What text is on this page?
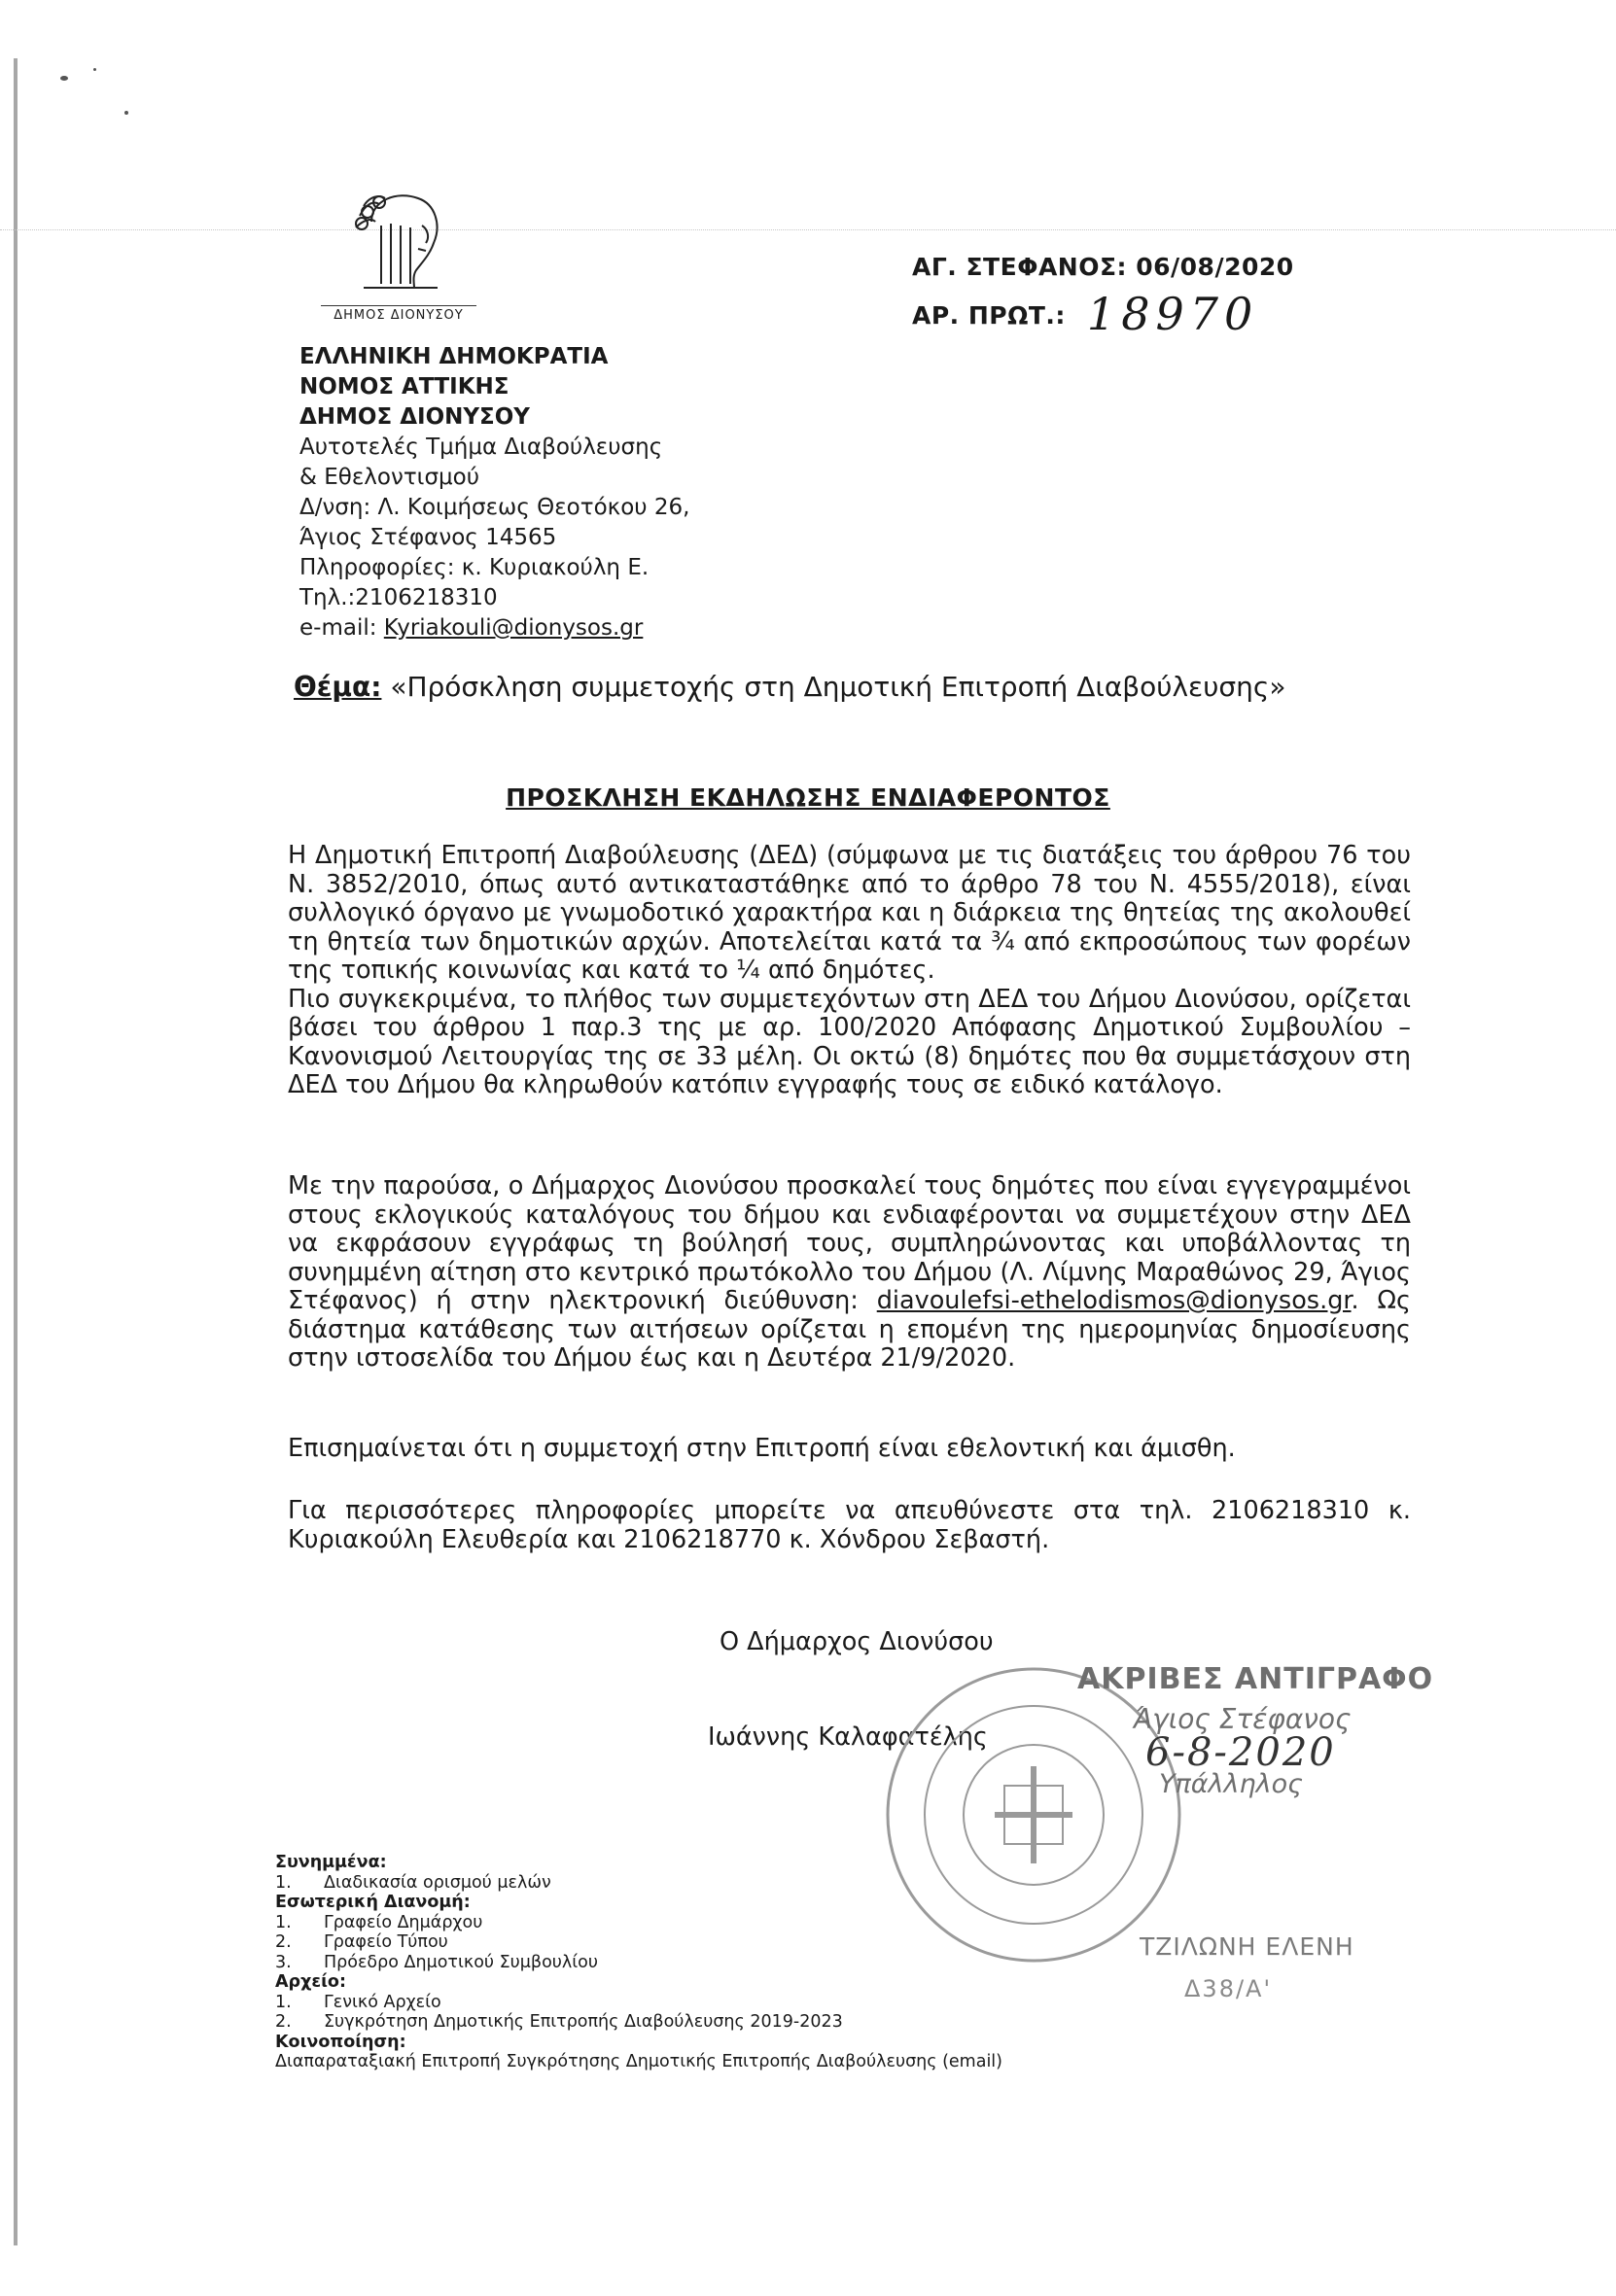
ΔΗΜΟΣ ΔΙΟΝΥΣΟΥ
ΑΓ. ΣΤΕΦΑΝΟΣ: 06/08/2020
ΑΡ. ΠΡΩΤ.: 18970
ΕΛΛΗΝΙΚΗ ΔΗΜΟΚΡΑΤΙΑ
ΝΟΜΟΣ ΑΤΤΙΚΗΣ
ΔΗΜΟΣ ΔΙΟΝΥΣΟΥ
Αυτοτελές Τμήμα Διαβούλευσης
& Εθελοντισμού
Δ/νση: Λ. Κοιμήσεως Θεοτόκου 26,
Άγιος Στέφανος 14565
Πληροφορίες: κ. Κυριακούλη Ε.
Τηλ.:2106218310
e-mail: Kyriakouli@dionysos.gr
Θέμα: «Πρόσκληση συμμετοχής στη Δημοτική Επιτροπή Διαβούλευσης»
ΠΡΟΣΚΛΗΣΗ ΕΚΔΗΛΩΣΗΣ ΕΝΔΙΑΦΕΡΟΝΤΟΣ
Η Δημοτική Επιτροπή Διαβούλευσης (ΔΕΔ) (σύμφωνα με τις διατάξεις του άρθρου 76 του Ν. 3852/2010, όπως αυτό αντικαταστάθηκε από το άρθρο 78 του Ν. 4555/2018), είναι συλλογικό όργανο με γνωμοδοτικό χαρακτήρα και η διάρκεια της θητείας της ακολουθεί τη θητεία των δημοτικών αρχών. Αποτελείται κατά τα ¾ από εκπροσώπους των φορέων της τοπικής κοινωνίας και κατά το ¼ από δημότες.
Πιο συγκεκριμένα, το πλήθος των συμμετεχόντων στη ΔΕΔ του Δήμου Διονύσου, ορίζεται βάσει του άρθρου 1 παρ.3 της με αρ. 100/2020 Απόφασης Δημοτικού Συμβουλίου – Κανονισμού Λειτουργίας της σε 33 μέλη. Οι οκτώ (8) δημότες που θα συμμετάσχουν στη ΔΕΔ του Δήμου θα κληρωθούν κατόπιν εγγραφής τους σε ειδικό κατάλογο.
Με την παρούσα, ο Δήμαρχος Διονύσου προσκαλεί τους δημότες που είναι εγγεγραμμένοι στους εκλογικούς καταλόγους του δήμου και ενδιαφέρονται να συμμετέχουν στην ΔΕΔ να εκφράσουν εγγράφως τη βούλησή τους, συμπληρώνοντας και υποβάλλοντας τη συνημμένη αίτηση στο κεντρικό πρωτόκολλο του Δήμου (Λ. Λίμνης Μαραθώνος 29, Άγιος Στέφανος) ή στην ηλεκτρονική διεύθυνση: diavoulefsi-ethelodismos@dionysos.gr. Ως διάστημα κατάθεσης των αιτήσεων ορίζεται η επομένη της ημερομηνίας δημοσίευσης στην ιστοσελίδα του Δήμου έως και η Δευτέρα 21/9/2020.
Επισημαίνεται ότι η συμμετοχή στην Επιτροπή είναι εθελοντική και άμισθη.
Για περισσότερες πληροφορίες μπορείτε να απευθύνεστε στα τηλ. 2106218310 κ. Κυριακούλη Ελευθερία και 2106218770 κ. Χόνδρου Σεβαστή.
Ο Δήμαρχος Διονύσου
Ιωάννης Καλαφατέλης
ΑΚΡΙΒΕΣ ΑΝΤΙΓΡΑΦΟ
Άγιος Στέφανος
6-8-2020
Υπάλληλος
ΤΖΙΛΩΝΗ ΕΛΕΝΗ
Δ38/Α'
Συνημμένα:
1.	Διαδικασία ορισμού μελών
Εσωτερική Διανομή:
1.	Γραφείο Δημάρχου
2.	Γραφείο Τύπου
3.	Πρόεδρο Δημοτικού Συμβουλίου
Αρχείο:
1.	Γενικό Αρχείο
2.	Συγκρότηση Δημοτικής Επιτροπής Διαβούλευσης 2019-2023
Κοινοποίηση:
Διαπαραταξιακή Επιτροπή Συγκρότησης Δημοτικής Επιτροπής Διαβούλευσης (email)
